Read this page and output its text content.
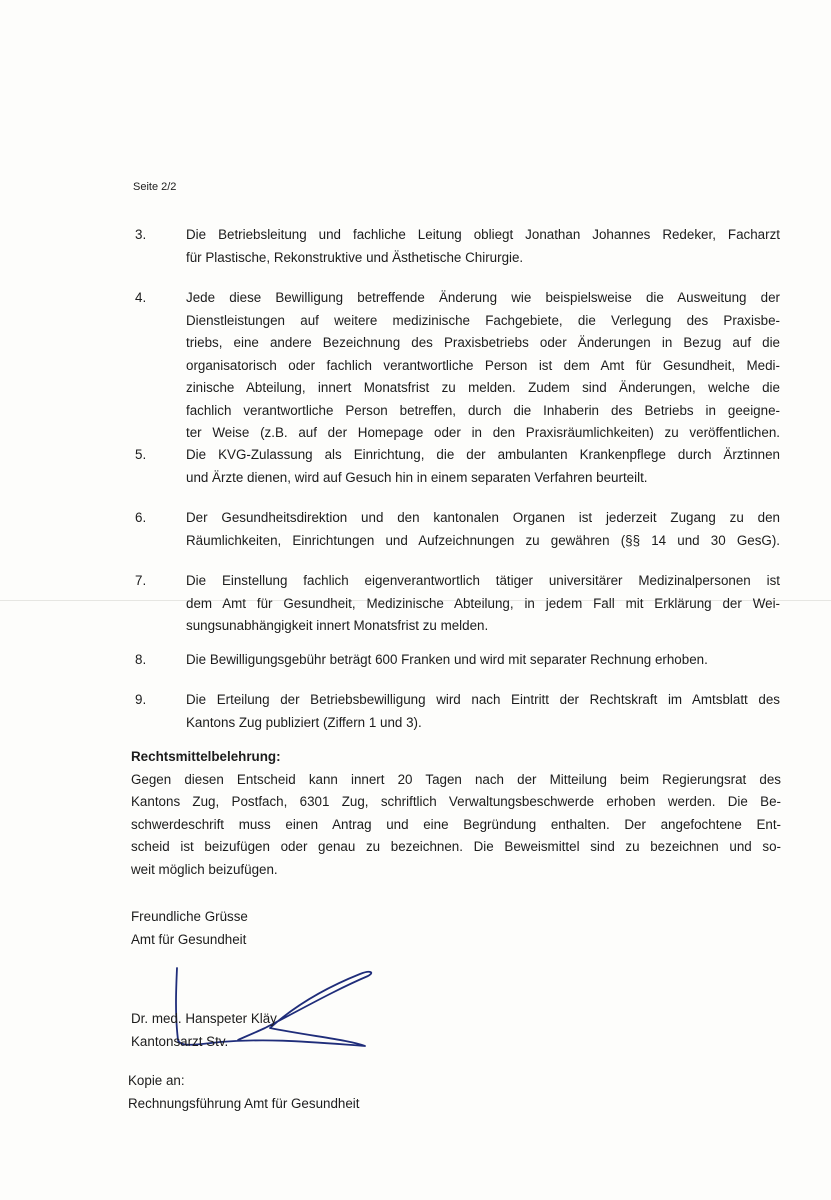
Seite 2/2
3.	Die Betriebsleitung und fachliche Leitung obliegt Jonathan Johannes Redeker, Facharzt
für Plastische, Rekonstruktive und Ästhetische Chirurgie.
4.	Jede diese Bewilligung betreffende Änderung wie beispielsweise die Ausweitung der
Dienstleistungen auf weitere medizinische Fachgebiete, die Verlegung des Praxisbe-
triebs, eine andere Bezeichnung des Praxisbetriebs oder Änderungen in Bezug auf die
organisatorisch oder fachlich verantwortliche Person ist dem Amt für Gesundheit, Medi-
zinische Abteilung, innert Monatsfrist zu melden. Zudem sind Änderungen, welche die
fachlich verantwortliche Person betreffen, durch die Inhaberin des Betriebs in geeigne-
ter Weise (z.B. auf der Homepage oder in den Praxisräumlichkeiten) zu veröffentlichen.
5.	Die KVG-Zulassung als Einrichtung, die der ambulanten Krankenpflege durch Ärztinnen
und Ärzte dienen, wird auf Gesuch hin in einem separaten Verfahren beurteilt.
6.	Der Gesundheitsdirektion und den kantonalen Organen ist jederzeit Zugang zu den
Räumlichkeiten, Einrichtungen und Aufzeichnungen zu gewähren (§§ 14 und 30 GesG).
7.	Die Einstellung fachlich eigenverantwortlich tätiger universitärer Medizinalpersonen ist
dem Amt für Gesundheit, Medizinische Abteilung, in jedem Fall mit Erklärung der Wei-
sungsunabhängigkeit innert Monatsfrist zu melden.
8.	Die Bewilligungsgebühr beträgt 600 Franken und wird mit separater Rechnung erhoben.
9.	Die Erteilung der Betriebsbewilligung wird nach Eintritt der Rechtskraft im Amtsblatt des
Kantons Zug publiziert (Ziffern 1 und 3).
Rechtsmittelbelehrung:
Gegen diesen Entscheid kann innert 20 Tagen nach der Mitteilung beim Regierungsrat des
Kantons Zug, Postfach, 6301 Zug, schriftlich Verwaltungsbeschwerde erhoben werden. Die Be-
schwerdeschrift muss einen Antrag und eine Begründung enthalten. Der angefochtene Ent-
scheid ist beizufügen oder genau zu bezeichnen. Die Beweismittel sind zu bezeichnen und so-
weit möglich beizufügen.
Freundliche Grüsse
Amt für Gesundheit
Dr. med. Hanspeter Kläy
Kantonsarzt Stv.
Kopie an:
Rechnungsführung Amt für Gesundheit
